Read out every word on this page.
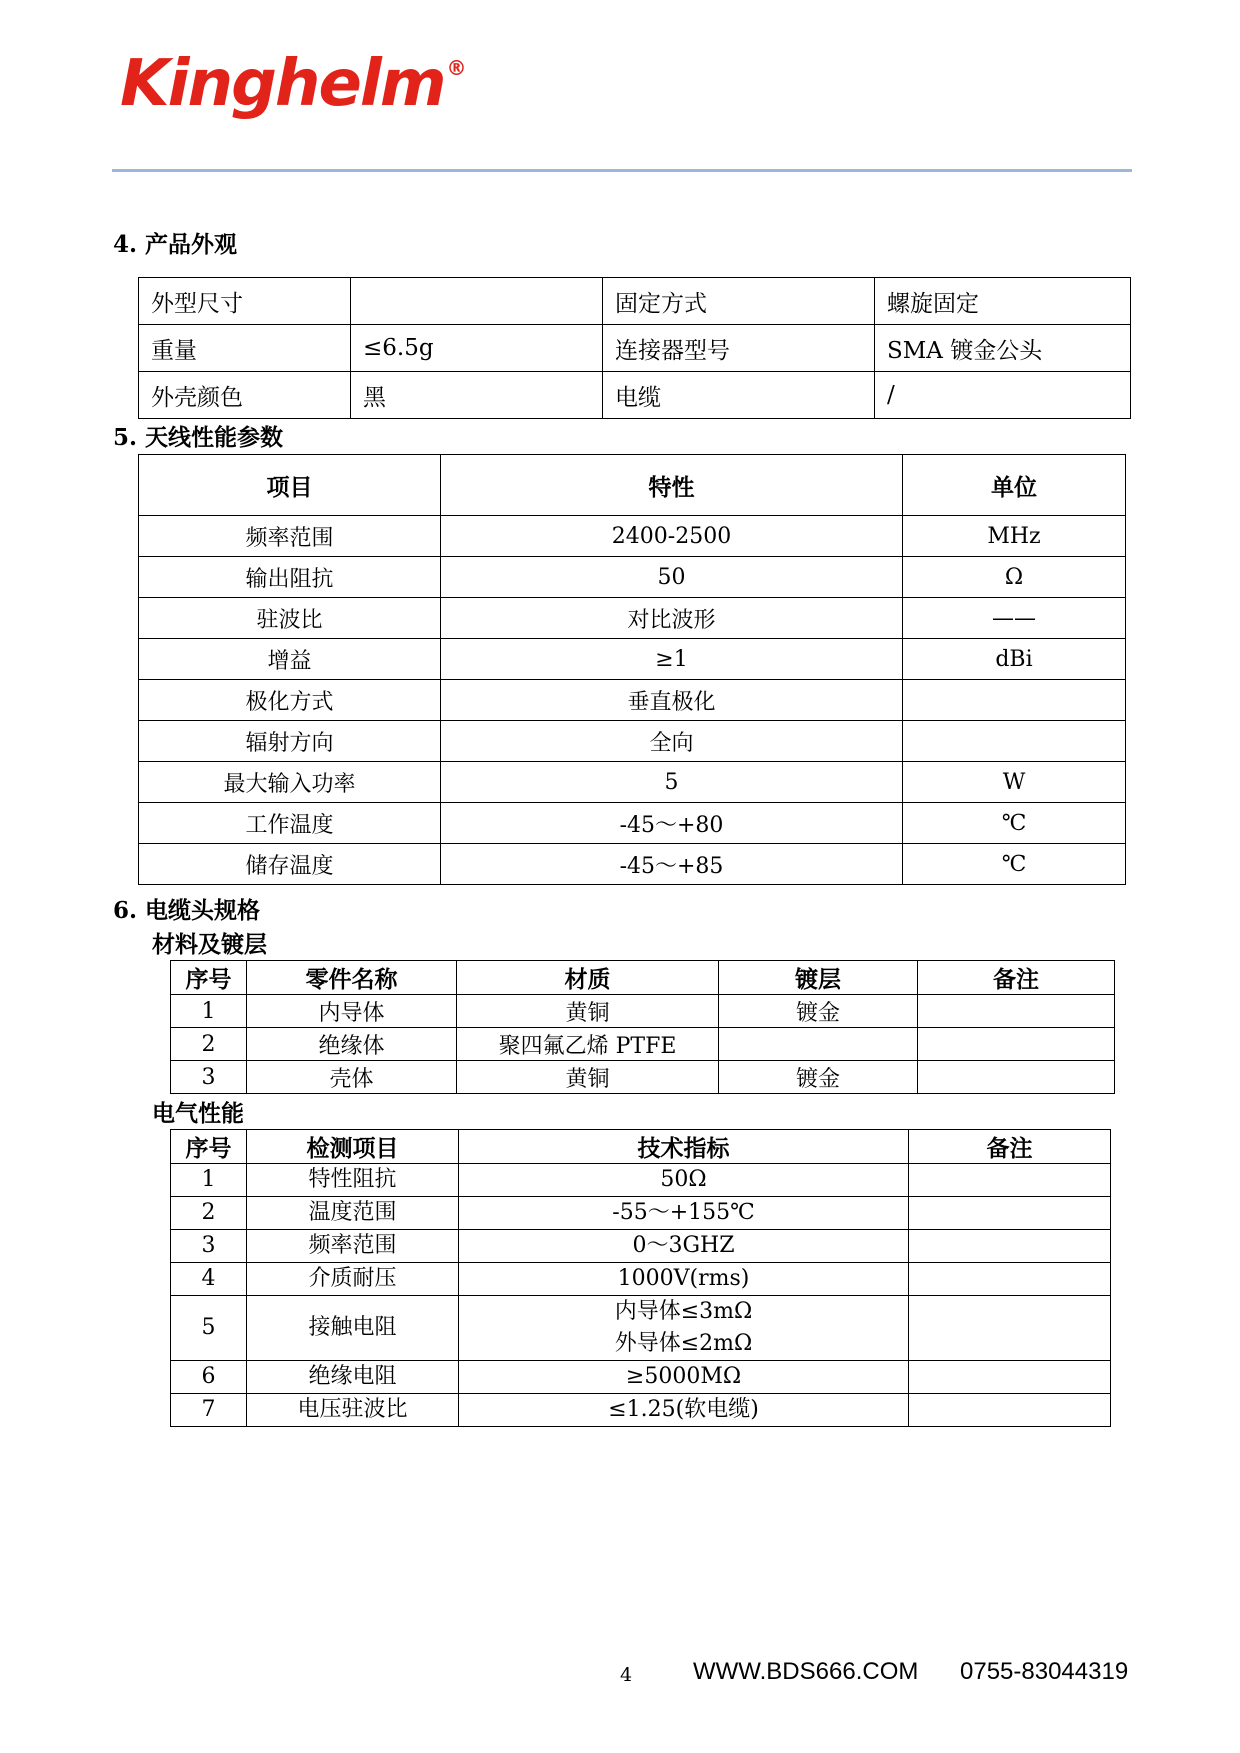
Kinghelm ®
4. 产品外观
外型尺寸		固定方式	螺旋固定
重量	≤6.5g	连接器型号	SMA 镀金公头
外壳颜色	黑	电缆	/
5. 天线性能参数
项目	特性	单位
频率范围	2400-2500	MHz
输出阻抗	50	Ω
驻波比	对比波形	——
增益	≥1	dBi
极化方式	垂直极化	
辐射方向	全向	
最大输入功率	5	W
工作温度	-45～+80	℃
储存温度	-45～+85	℃
6. 电缆头规格
材料及镀层
序号	零件名称	材质	镀层	备注
1	内导体	黄铜	镀金	
2	绝缘体	聚四氟乙烯 PTFE		
3	壳体	黄铜	镀金	
电气性能
序号	检测项目	技术指标	备注
1	特性阻抗	50Ω	

2	温度范围	-55～+155℃	

3	频率范围	0～3GHZ	

4	介质耐压	1000V(rms)	

5	接触电阻	内导体≤3mΩ
外导体≤2mΩ	

6	绝缘电阻	≥5000MΩ	

7	电压驻波比	≤1.25(软电缆)	

4	WWW.BDS666.COM 0755-83044319
